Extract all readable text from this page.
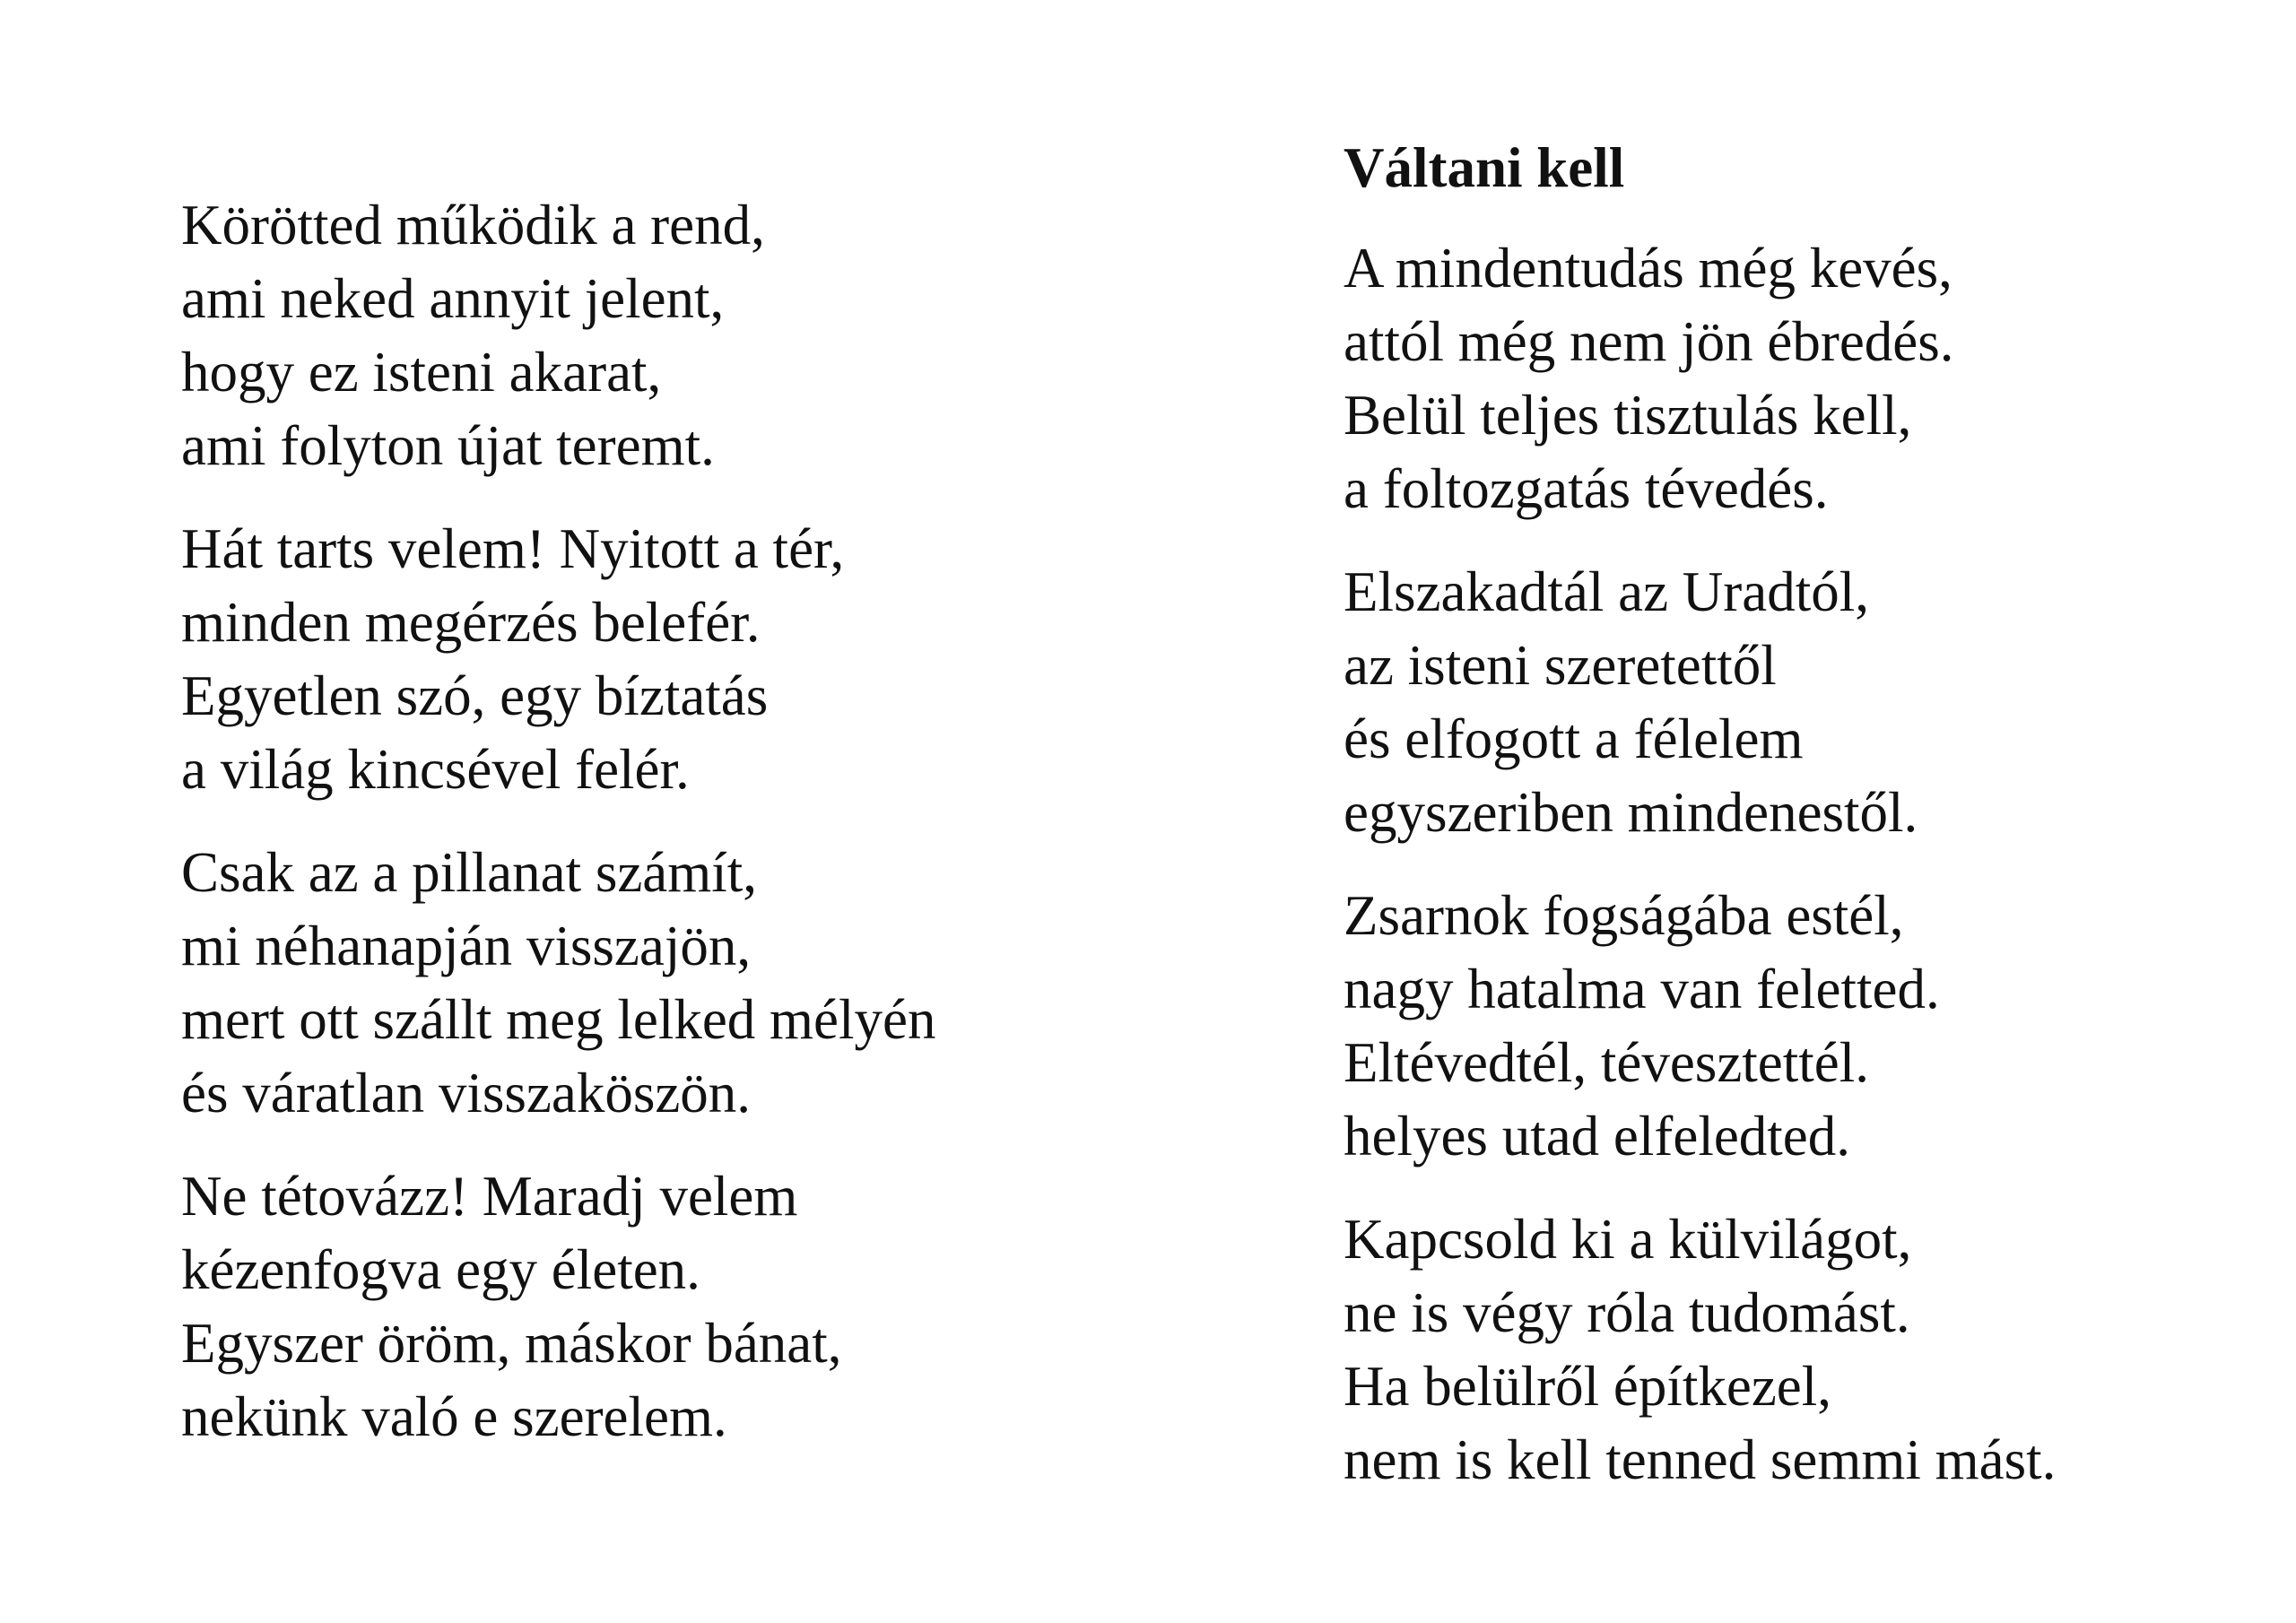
Körötted működik a rend,
ami neked annyit jelent,
hogy ez isteni akarat,
ami folyton újat teremt.
Hát tarts velem! Nyitott a tér,
minden megérzés belefér.
Egyetlen szó, egy bíztatás
a világ kincsével felér.
Csak az a pillanat számít,
mi néhanapján visszajön,
mert ott szállt meg lelked mélyén
és váratlan visszaköszön.
Ne tétovázz! Maradj velem
kézenfogva egy életen.
Egyszer öröm, máskor bánat,
nekünk való e szerelem.
Váltani kell
A mindentudás még kevés,
attól még nem jön ébredés.
Belül teljes tisztulás kell,
a foltozgatás tévedés.
Elszakadtál az Uradtól,
az isteni szeretettől
és elfogott a félelem
egyszeriben mindenestől.
Zsarnok fogságába estél,
nagy hatalma van feletted.
Eltévedtél, tévesztettél.
helyes utad elfeledted.
Kapcsold ki a külvilágot,
ne is végy róla tudomást.
Ha belülről építkezel,
nem is kell tenned semmi mást.
